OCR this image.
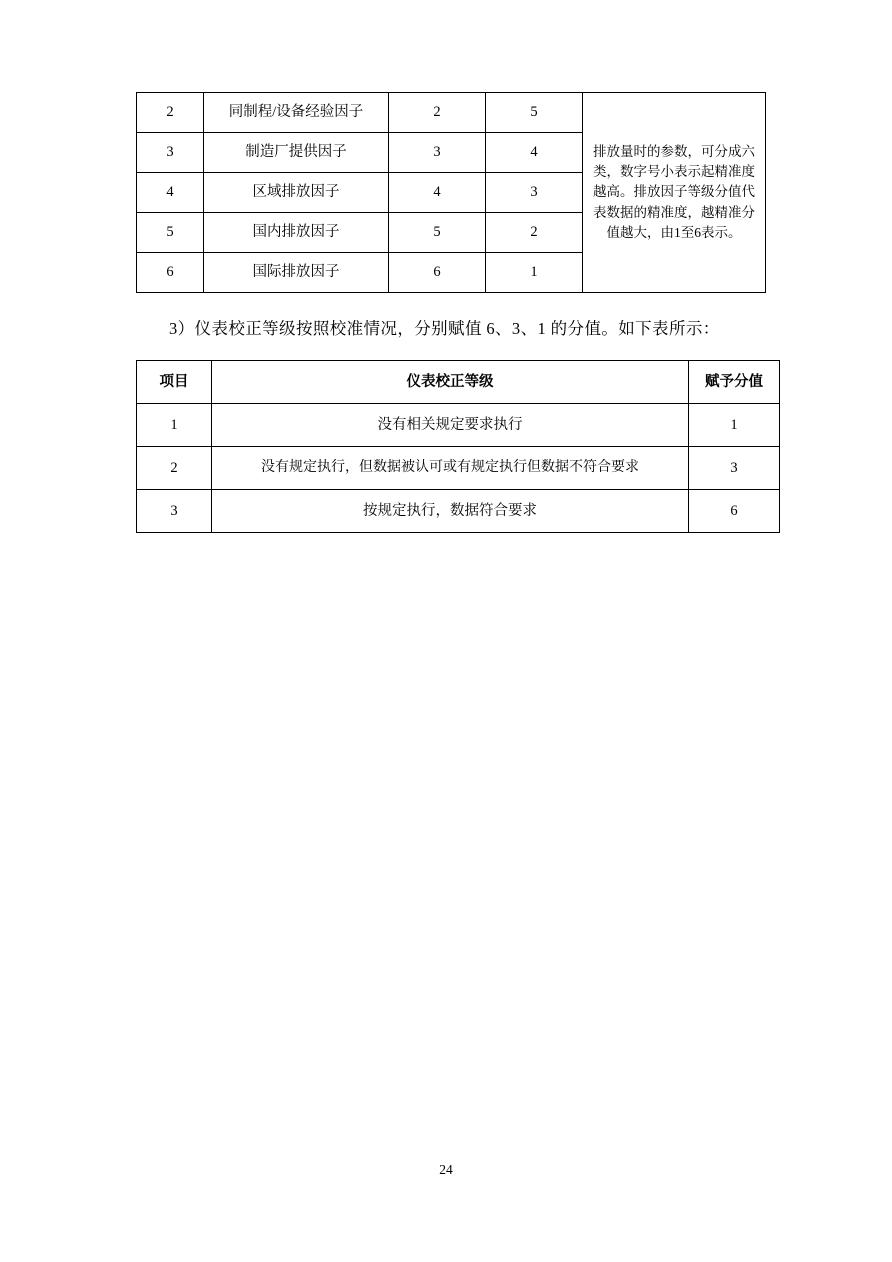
2	同制程/设备经验因子	2	5	排放量时的参数，可分成六类，数字号小表示起精准度越高。排放因子等级分值代表数据的精准度，越精准分值越大，由1至6表示。
3	制造厂提供因子	3	4	
4	区域排放因子	4	3	
5	国内排放因子	5	2	
6	国际排放因子	6	1	

3）仪表校正等级按照校准情况，分别赋值 6、3、1 的分值。如下表所示：

项目	仪表校正等级	赋予分值
1	没有相关规定要求执行	1
2	没有规定执行，但数据被认可或有规定执行但数据不符合要求	3
3	按规定执行，数据符合要求	6
24
